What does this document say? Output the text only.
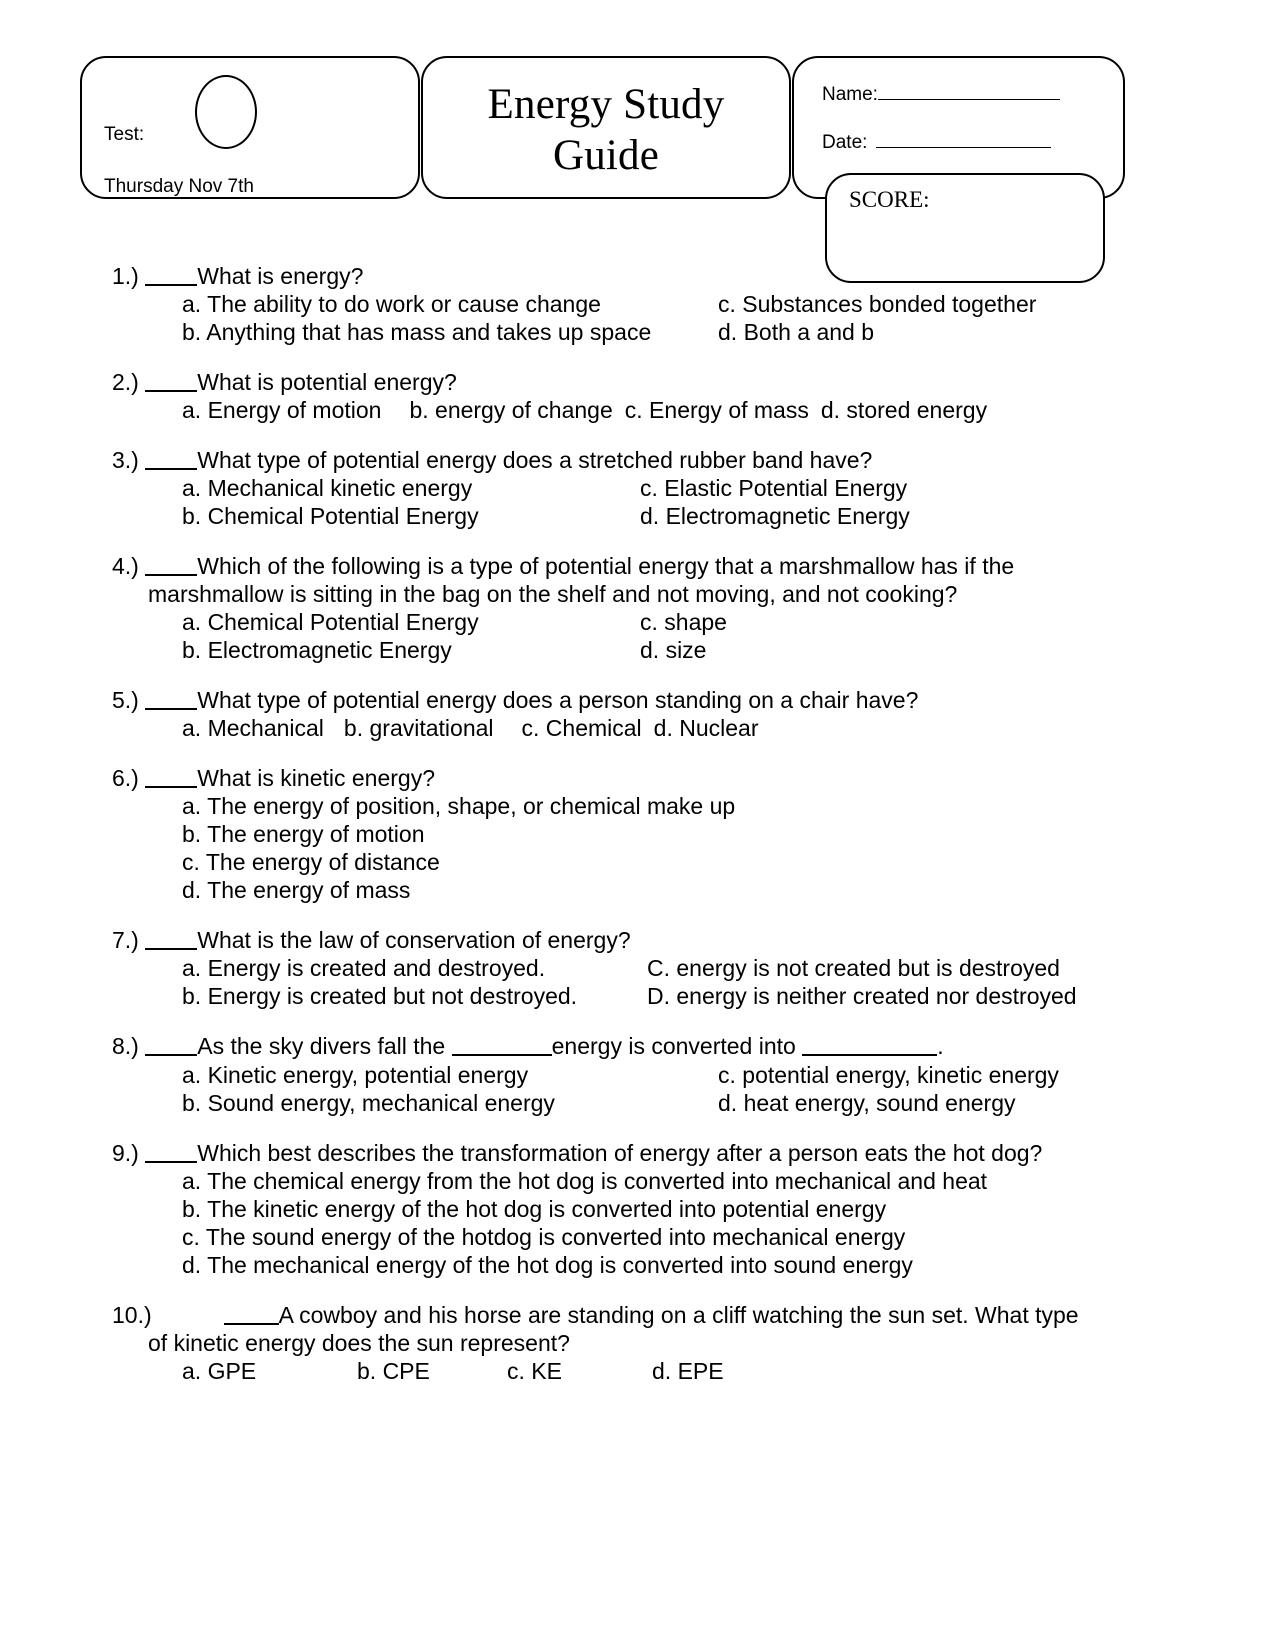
Test:
Thursday Nov 7th
Energy Study
Guide
Name:
Date:
SCORE:
1.)	What is energy?
a. The ability to do work or cause change	c. Substances bonded together
b. Anything that has mass and takes up space	d. Both a and b
2.)	What is potential energy?
a. Energy of motion b. energy of change c. Energy of mass d. stored energy
3.)	What type of potential energy does a stretched rubber band have?
a. Mechanical kinetic energy	c. Elastic Potential Energy
b. Chemical Potential Energy	d. Electromagnetic Energy
4.)	Which of the following is a type of potential energy that a marshmallow has if the
marshmallow is sitting in the bag on the shelf and not moving, and not cooking?
a. Chemical Potential Energy	c. shape
b. Electromagnetic Energy	d. size
5.)	What type of potential energy does a person standing on a chair have?
a. Mechanical b. gravitational c. Chemical d. Nuclear
6.)	What is kinetic energy?
a. The energy of position, shape, or chemical make up
b. The energy of motion
c. The energy of distance
d. The energy of mass
7.)	What is the law of conservation of energy?
a. Energy is created and destroyed.	C. energy is not created but is destroyed
b. Energy is created but not destroyed.	D. energy is neither created nor destroyed
8.)	As the sky divers fall the	energy is converted into	.
a. Kinetic energy, potential energy	c. potential energy, kinetic energy
b. Sound energy, mechanical energy	d. heat energy, sound energy
9.)	Which best describes the transformation of energy after a person eats the hot dog?
a. The chemical energy from the hot dog is converted into mechanical and heat
b. The kinetic energy of the hot dog is converted into potential energy
c. The sound energy of the hotdog is converted into mechanical energy
d. The mechanical energy of the hot dog is converted into sound energy
10.)	A cowboy and his horse are standing on a cliff watching the sun set. What type
of kinetic energy does the sun represent?
a. GPE	b. CPE	c. KE	d. EPE
